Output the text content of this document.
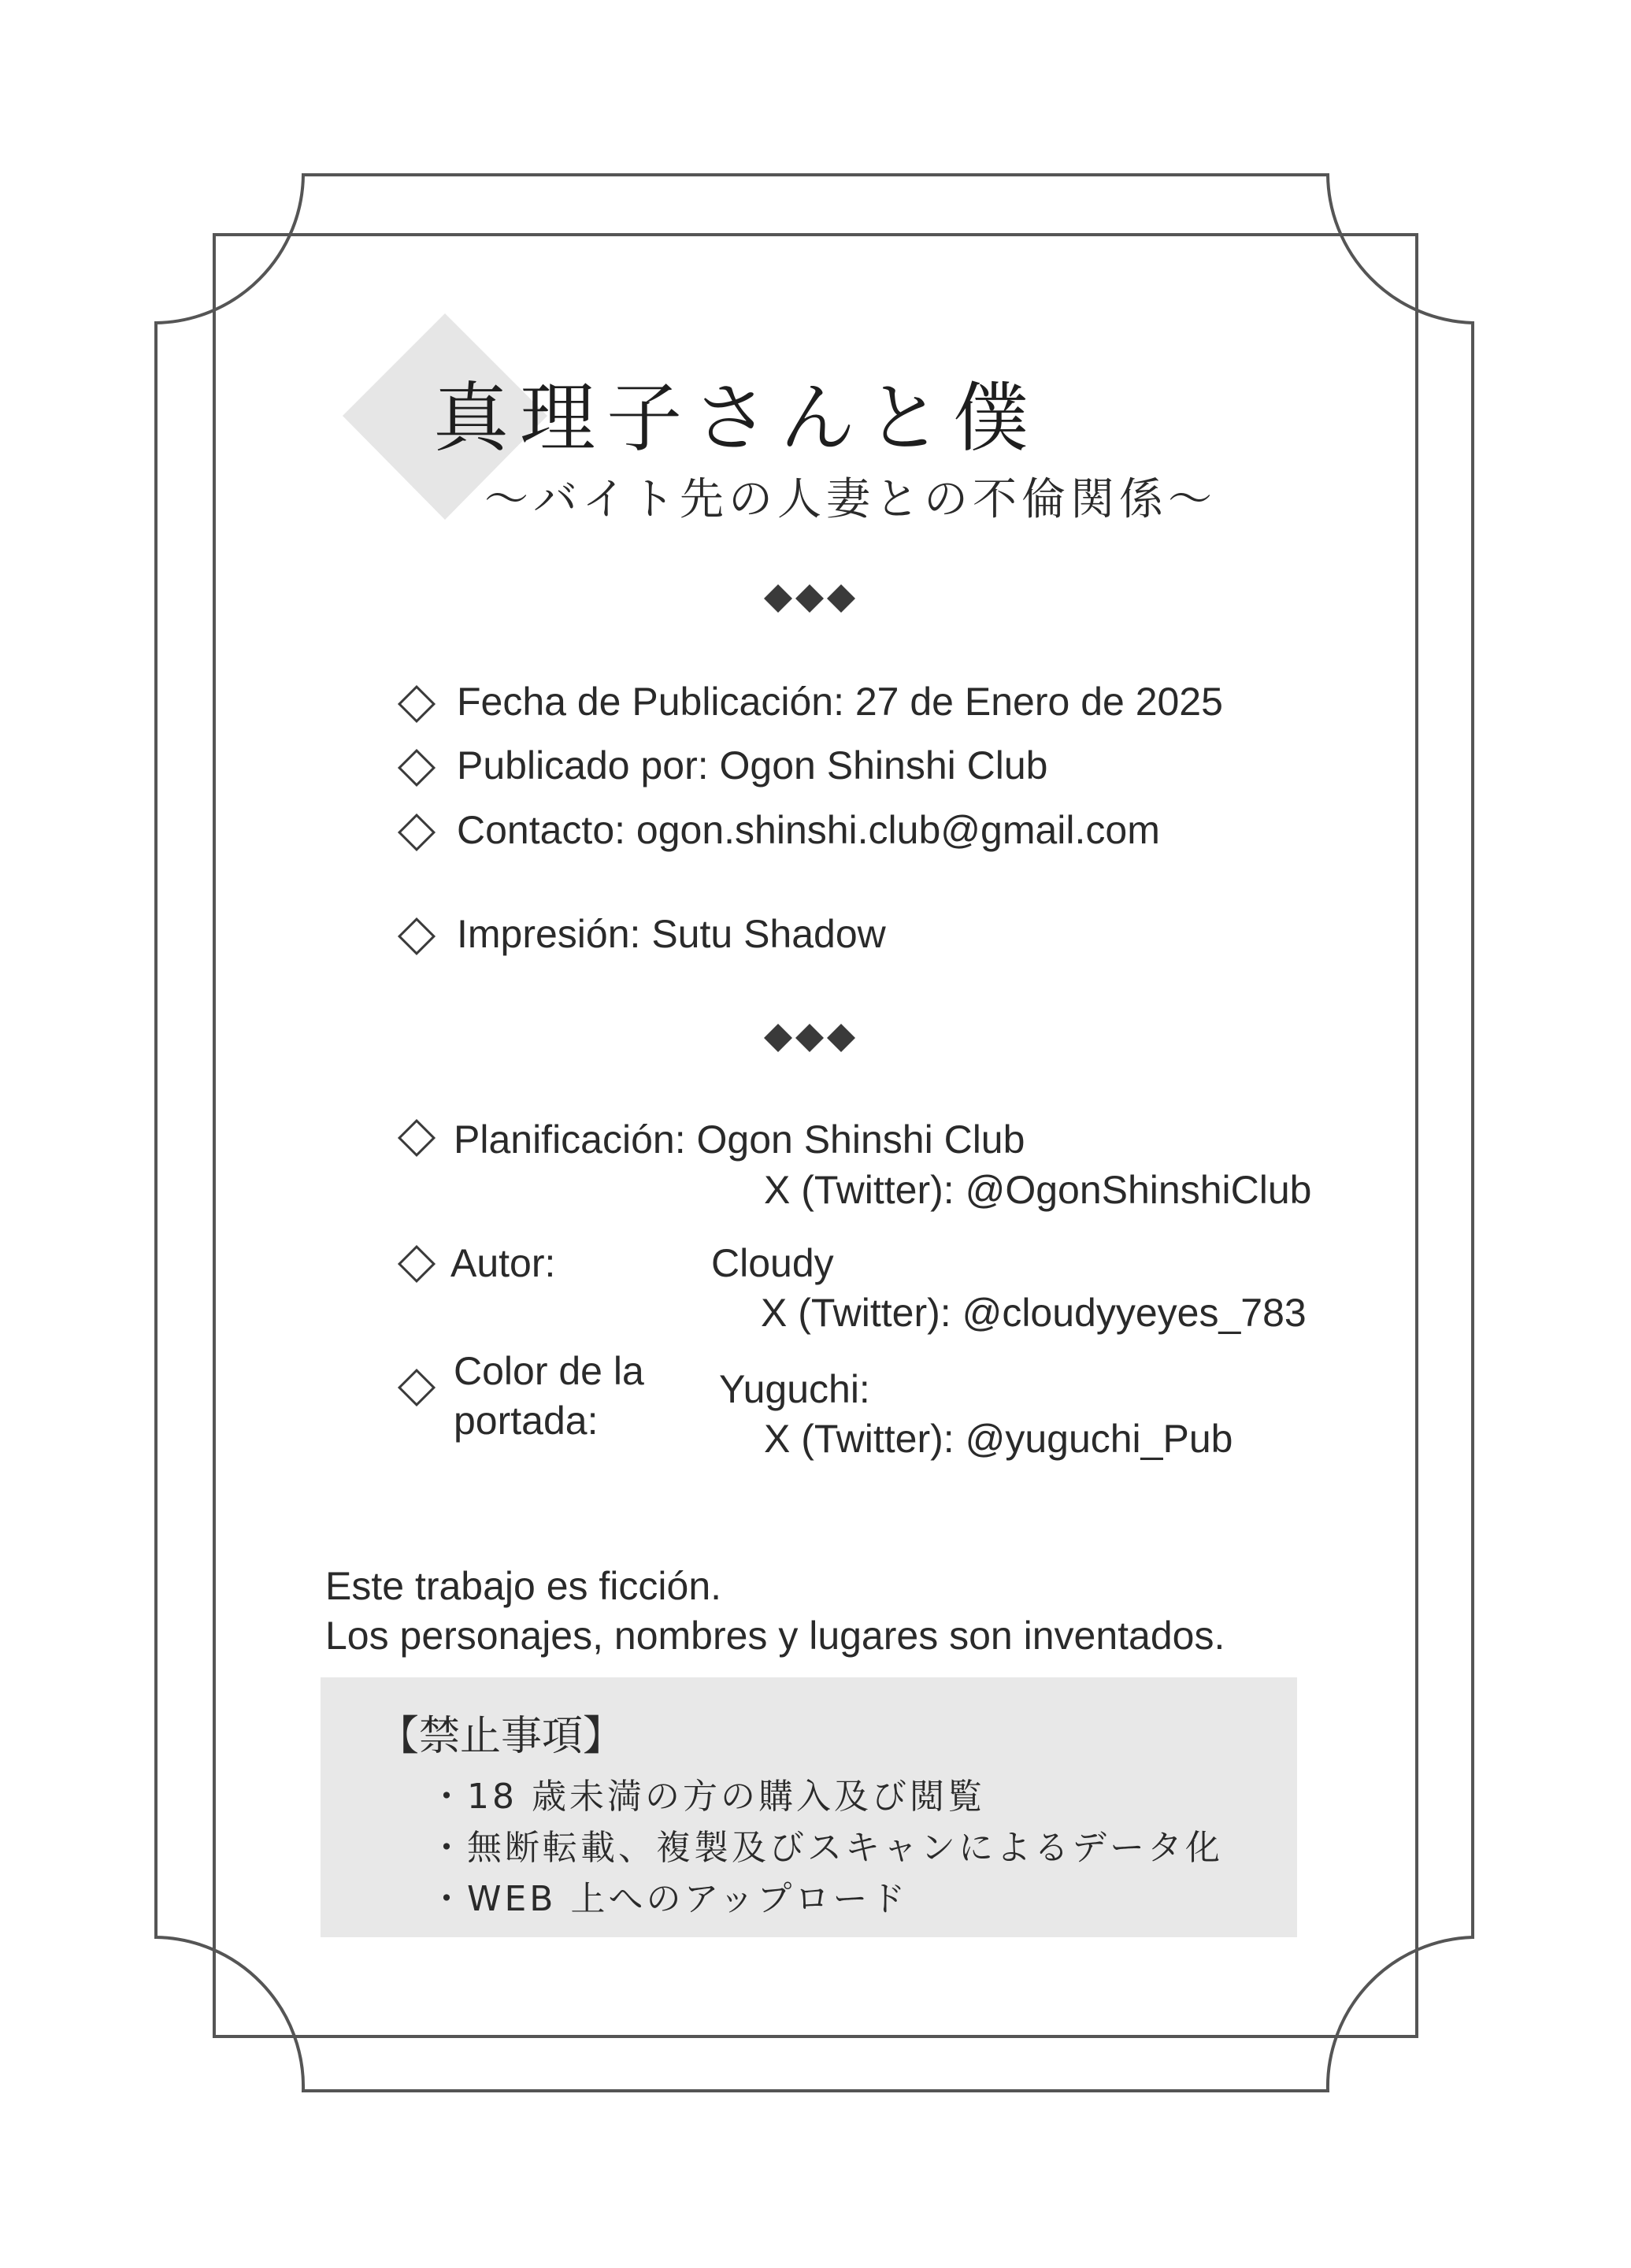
真理子さんと僕
～バイト先の人妻との不倫関係～
Fecha de Publicación: 27 de Enero de 2025
Publicado por: Ogon Shinshi Club
Contacto: ogon.shinshi.club@gmail.com
Impresión: Sutu Shadow
Planificación: Ogon Shinshi Club
X (Twitter): @OgonShinshiClub
Autor:	Cloudy
X (Twitter): @cloudyyeyes_783
Color de la
portada:
Yuguchi:
X (Twitter): @yuguchi_Pub
Este trabajo es ficción.
Los personajes, nombres y lugares son inventados.
【禁止事項】
・18 歳未満の方の購入及び閲覧
・無断転載、複製及びスキャンによるデータ化
・WEB 上へのアップロード
